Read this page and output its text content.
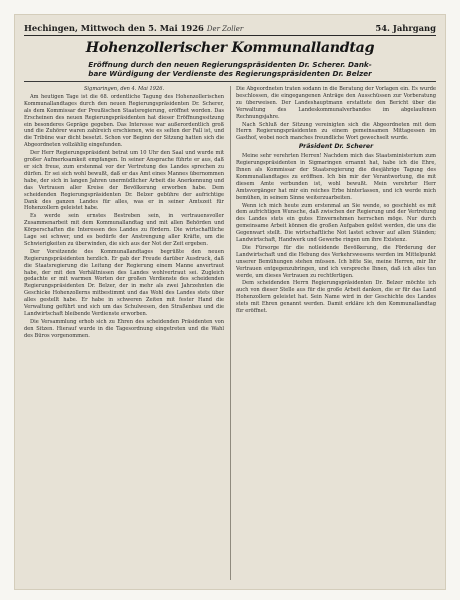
Hechingen, Mittwoch den 5. Mai 1926 Der Zoller	54. Jahrgang
Hohenzollerischer Kommunallandtag
Eröffnung durch den neuen Regierungspräsidenten Dr. Scherer. Dank-
bare Würdigung der Verdienste des Regierungspräsidenten Dr. Belzer
Sigmaringen, den 4. Mai 1926.

Am heutigen Tage ist die 68. ordentliche Tagung des Hohenzollerischen Kommunallandtages durch den neuen Regierungspräsidenten Dr. Scherer, als dem Kommissar der Preußischen Staatsregierung, eröffnet worden. Das Erscheinen des neuen Regierungspräsidenten hat dieser Eröffnungssitzung ein besonderes Gepräge gegeben. Das Interesse war außerordentlich groß und die Zuhörer waren zahlreich erschienen, wie es selten der Fall ist, und die Tribüne war dicht besetzt. Schon vor Beginn der Sitzung hatten sich die Abgeordneten vollzählig eingefunden.

Der Herr Regierungspräsident betrat um 10 Uhr den Saal und wurde mit großer Aufmerksamkeit empfangen. In seiner Ansprache führte er aus, daß er sich freue, zum erstenmal vor der Vertretung des Landes sprechen zu dürfen. Er sei sich wohl bewußt, daß er das Amt eines Mannes übernommen habe, der sich in langen Jahren unermüdlicher Arbeit die Anerkennung und das Vertrauen aller Kreise der Bevölkerung erworben habe. Dem scheidenden Regierungspräsidenten Dr. Belzer gebühre der aufrichtige Dank des ganzen Landes für alles, was er in seiner Amtszeit für Hohenzollern geleistet habe.

Es werde sein ernstes Bestreben sein, in vertrauensvoller Zusammenarbeit mit dem Kommunallandtag und mit allen Behörden und Körperschaften die Interessen des Landes zu fördern. Die wirtschaftliche Lage sei schwer, und es bedürfe der Anstrengung aller Kräfte, um die Schwierigkeiten zu überwinden, die sich aus der Not der Zeit ergeben.

Der Vorsitzende des Kommunallandtages begrüßte den neuen Regierungspräsidenten herzlich. Er gab der Freude darüber Ausdruck, daß die Staatsregierung die Leitung der Regierung einem Manne anvertraut habe, der mit den Verhältnissen des Landes wohlvertraut sei. Zugleich gedachte er mit warmen Worten der großen Verdienste des scheidenden Regierungspräsidenten Dr. Belzer, der in mehr als zwei Jahrzehnten die Geschicke Hohenzollerns mitbestimmt und das Wohl des Landes stets über alles gestellt habe. Er habe in schweren Zeiten mit fester Hand die Verwaltung geführt und sich um das Schulwesen, den Straßenbau und die Landwirtschaft bleibende Verdienste erworben.

Die Versammlung erhob sich zu Ehren des scheidenden Präsidenten von den Sitzen. Hierauf wurde in die Tagesordnung eingetreten und die Wahl des Büros vorgenommen.

Die Abgeordneten traten sodann in die Beratung der Vorlagen ein. Es wurde beschlossen, die eingegangenen Anträge den Ausschüssen zur Vorberatung zu überweisen. Der Landeshauptmann erstattete den Bericht über die Verwaltung des Landeskommunalverbandes im abgelaufenen Rechnungsjahre.

Nach Schluß der Sitzung vereinigten sich die Abgeordneten mit dem Herrn Regierungspräsidenten zu einem gemeinsamen Mittagessen im Gasthof, wobei noch manches freundliche Wort gewechselt wurde.

Präsident Dr. Scherer

Meine sehr verehrten Herren! Nachdem mich das Staatsministerium zum Regierungspräsidenten in Sigmaringen ernannt hat, habe ich die Ehre, Ihnen als Kommissar der Staatsregierung die diesjährige Tagung des Kommunallandtages zu eröffnen. Ich bin mir der Verantwortung, die mit diesem Amte verbunden ist, wohl bewußt. Mein verehrter Herr Amtsvorgänger hat mir ein reiches Erbe hinterlassen, und ich werde mich bemühen, in seinem Sinne weiterzuarbeiten.

Wenn ich mich heute zum erstenmal an Sie wende, so geschieht es mit dem aufrichtigen Wunsche, daß zwischen der Regierung und der Vertretung des Landes stets ein gutes Einvernehmen herrschen möge. Nur durch gemeinsame Arbeit können die großen Aufgaben gelöst werden, die uns die Gegenwart stellt. Die wirtschaftliche Not lastet schwer auf allen Ständen; Landwirtschaft, Handwerk und Gewerbe ringen um ihre Existenz.

Die Fürsorge für die notleidende Bevölkerung, die Förderung der Landwirtschaft und die Hebung des Verkehrswesens werden im Mittelpunkt unserer Bemühungen stehen müssen. Ich bitte Sie, meine Herren, mir Ihr Vertrauen entgegenzubringen, und ich verspreche Ihnen, daß ich alles tun werde, um dieses Vertrauen zu rechtfertigen.

Dem scheidenden Herrn Regierungspräsidenten Dr. Belzer möchte ich auch von dieser Stelle aus für die große Arbeit danken, die er für das Land Hohenzollern geleistet hat. Sein Name wird in der Geschichte des Landes stets mit Ehren genannt werden. Damit erkläre ich den Kommunallandtag für eröffnet.
